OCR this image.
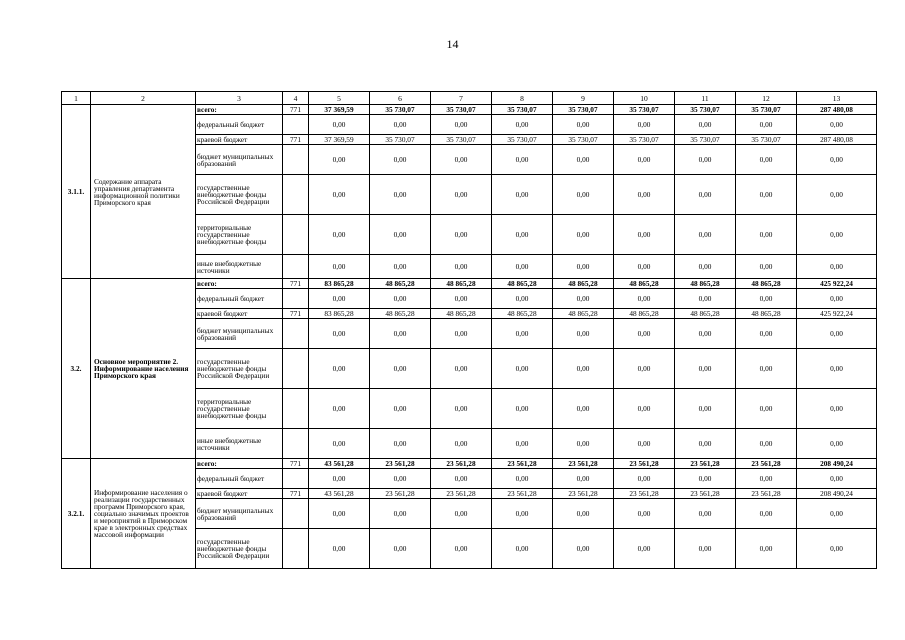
14
1	2	3	4	5	6	7	8	9	10	11	12	13
3.1.1.	Содержание аппарата управления департамента информационной политики Приморского края	всего:	771	37 369,59	35 730,07	35 730,07	35 730,07	35 730,07	35 730,07	35 730,07	35 730,07	287 480,08
		федеральный бюджет		0,00	0,00	0,00	0,00	0,00	0,00	0,00	0,00	0,00
		краевой бюджет	771	37 369,59	35 730,07	35 730,07	35 730,07	35 730,07	35 730,07	35 730,07	35 730,07	287 480,08
		бюджет муниципальных образований		0,00	0,00	0,00	0,00	0,00	0,00	0,00	0,00	0,00
		государственные внебюджетные фонды Российской Федерации		0,00	0,00	0,00	0,00	0,00	0,00	0,00	0,00	0,00
		территориальные государственные внебюджетные фонды		0,00	0,00	0,00	0,00	0,00	0,00	0,00	0,00	0,00
		иные внебюджетные источники		0,00	0,00	0,00	0,00	0,00	0,00	0,00	0,00	0,00
3.2.	Основное мероприятие 2. Информирование населения Приморского края	всего:	771	83 865,28	48 865,28	48 865,28	48 865,28	48 865,28	48 865,28	48 865,28	48 865,28	425 922,24
		федеральный бюджет		0,00	0,00	0,00	0,00	0,00	0,00	0,00	0,00	0,00
		краевой бюджет	771	83 865,28	48 865,28	48 865,28	48 865,28	48 865,28	48 865,28	48 865,28	48 865,28	425 922,24
		бюджет муниципальных образований		0,00	0,00	0,00	0,00	0,00	0,00	0,00	0,00	0,00
		государственные внебюджетные фонды Российской Федерации		0,00	0,00	0,00	0,00	0,00	0,00	0,00	0,00	0,00
		территориальные государственные внебюджетные фонды		0,00	0,00	0,00	0,00	0,00	0,00	0,00	0,00	0,00
		иные внебюджетные источники		0,00	0,00	0,00	0,00	0,00	0,00	0,00	0,00	0,00
3.2.1.	Информирование населения о реализации государственных программ Приморского края, социально значимых проектов и мероприятий в Приморском крае в электронных средствах массовой информации	всего:	771	43 561,28	23 561,28	23 561,28	23 561,28	23 561,28	23 561,28	23 561,28	23 561,28	208 490,24
		федеральный бюджет		0,00	0,00	0,00	0,00	0,00	0,00	0,00	0,00	0,00
		краевой бюджет	771	43 561,28	23 561,28	23 561,28	23 561,28	23 561,28	23 561,28	23 561,28	23 561,28	208 490,24
		бюджет муниципальных образований		0,00	0,00	0,00	0,00	0,00	0,00	0,00	0,00	0,00
		государственные внебюджетные фонды Российской Федерации		0,00	0,00	0,00	0,00	0,00	0,00	0,00	0,00	0,00
